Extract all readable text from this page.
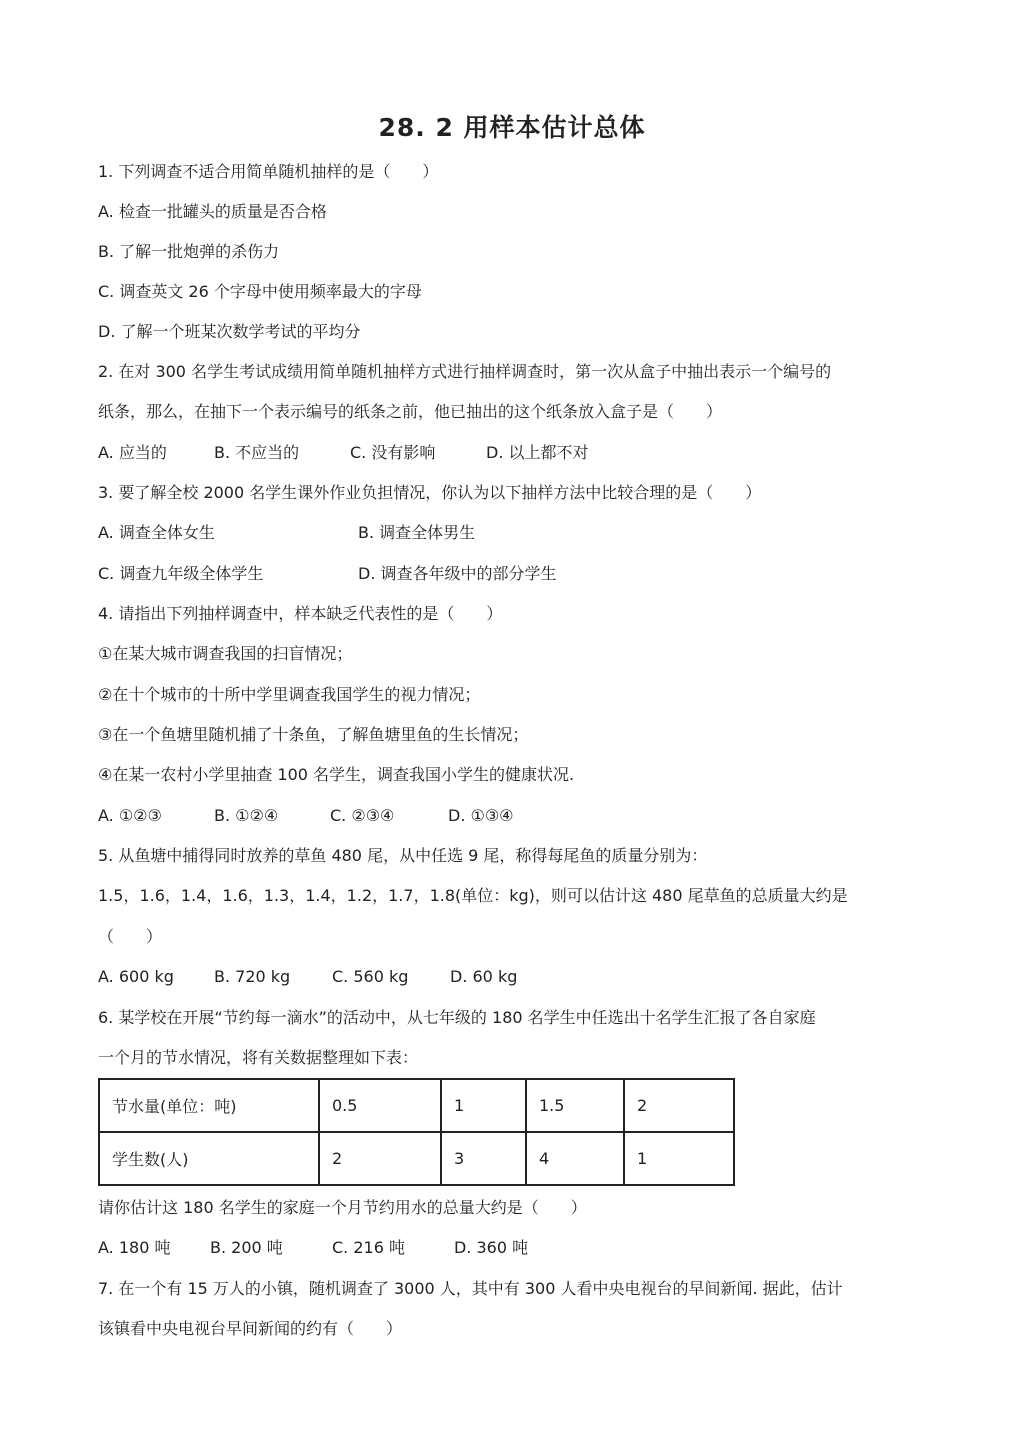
28. 2 用样本估计总体
1. 下列调查不适合用简单随机抽样的是（　　）
A. 检查一批罐头的质量是否合格
B. 了解一批炮弹的杀伤力
C. 调查英文 26 个字母中使用频率最大的字母
D. 了解一个班某次数学考试的平均分
2. 在对 300 名学生考试成绩用简单随机抽样方式进行抽样调查时，第一次从盒子中抽出表示一个编号的
纸条，那么，在抽下一个表示编号的纸条之前，他已抽出的这个纸条放入盒子是（　　）
A. 应当的	B. 不应当的	C. 没有影响	D. 以上都不对
3. 要了解全校 2000 名学生课外作业负担情况，你认为以下抽样方法中比较合理的是（　　）
A. 调查全体女生	B. 调查全体男生
C. 调查九年级全体学生	D. 调查各年级中的部分学生
4. 请指出下列抽样调查中，样本缺乏代表性的是（　　）
①在某大城市调查我国的扫盲情况；
②在十个城市的十所中学里调查我国学生的视力情况；
③在一个鱼塘里随机捕了十条鱼，了解鱼塘里鱼的生长情况；
④在某一农村小学里抽查 100 名学生，调查我国小学生的健康状况.
A. ①②③	B. ①②④	C. ②③④	D. ①③④
5. 从鱼塘中捕得同时放养的草鱼 480 尾，从中任选 9 尾，称得每尾鱼的质量分别为：
1.5，1.6，1.4，1.6，1.3，1.4，1.2，1.7，1.8(单位：kg)，则可以估计这 480 尾草鱼的总质量大约是
（　　）
A. 600 kg	B. 720 kg	C. 560 kg	D. 60 kg
6. 某学校在开展“节约每一滴水”的活动中，从七年级的 180 名学生中任选出十名学生汇报了各自家庭
一个月的节水情况，将有关数据整理如下表：
节水量(单位：吨)	0.5	1	1.5	2
学生数(人)	2	3	4	1
请你估计这 180 名学生的家庭一个月节约用水的总量大约是（　　）
A. 180 吨 B. 200 吨	C. 216 吨	D. 360 吨
7. 在一个有 15 万人的小镇，随机调查了 3000 人，其中有 300 人看中央电视台的早间新闻. 据此，估计
该镇看中央电视台早间新闻的约有（　　）
